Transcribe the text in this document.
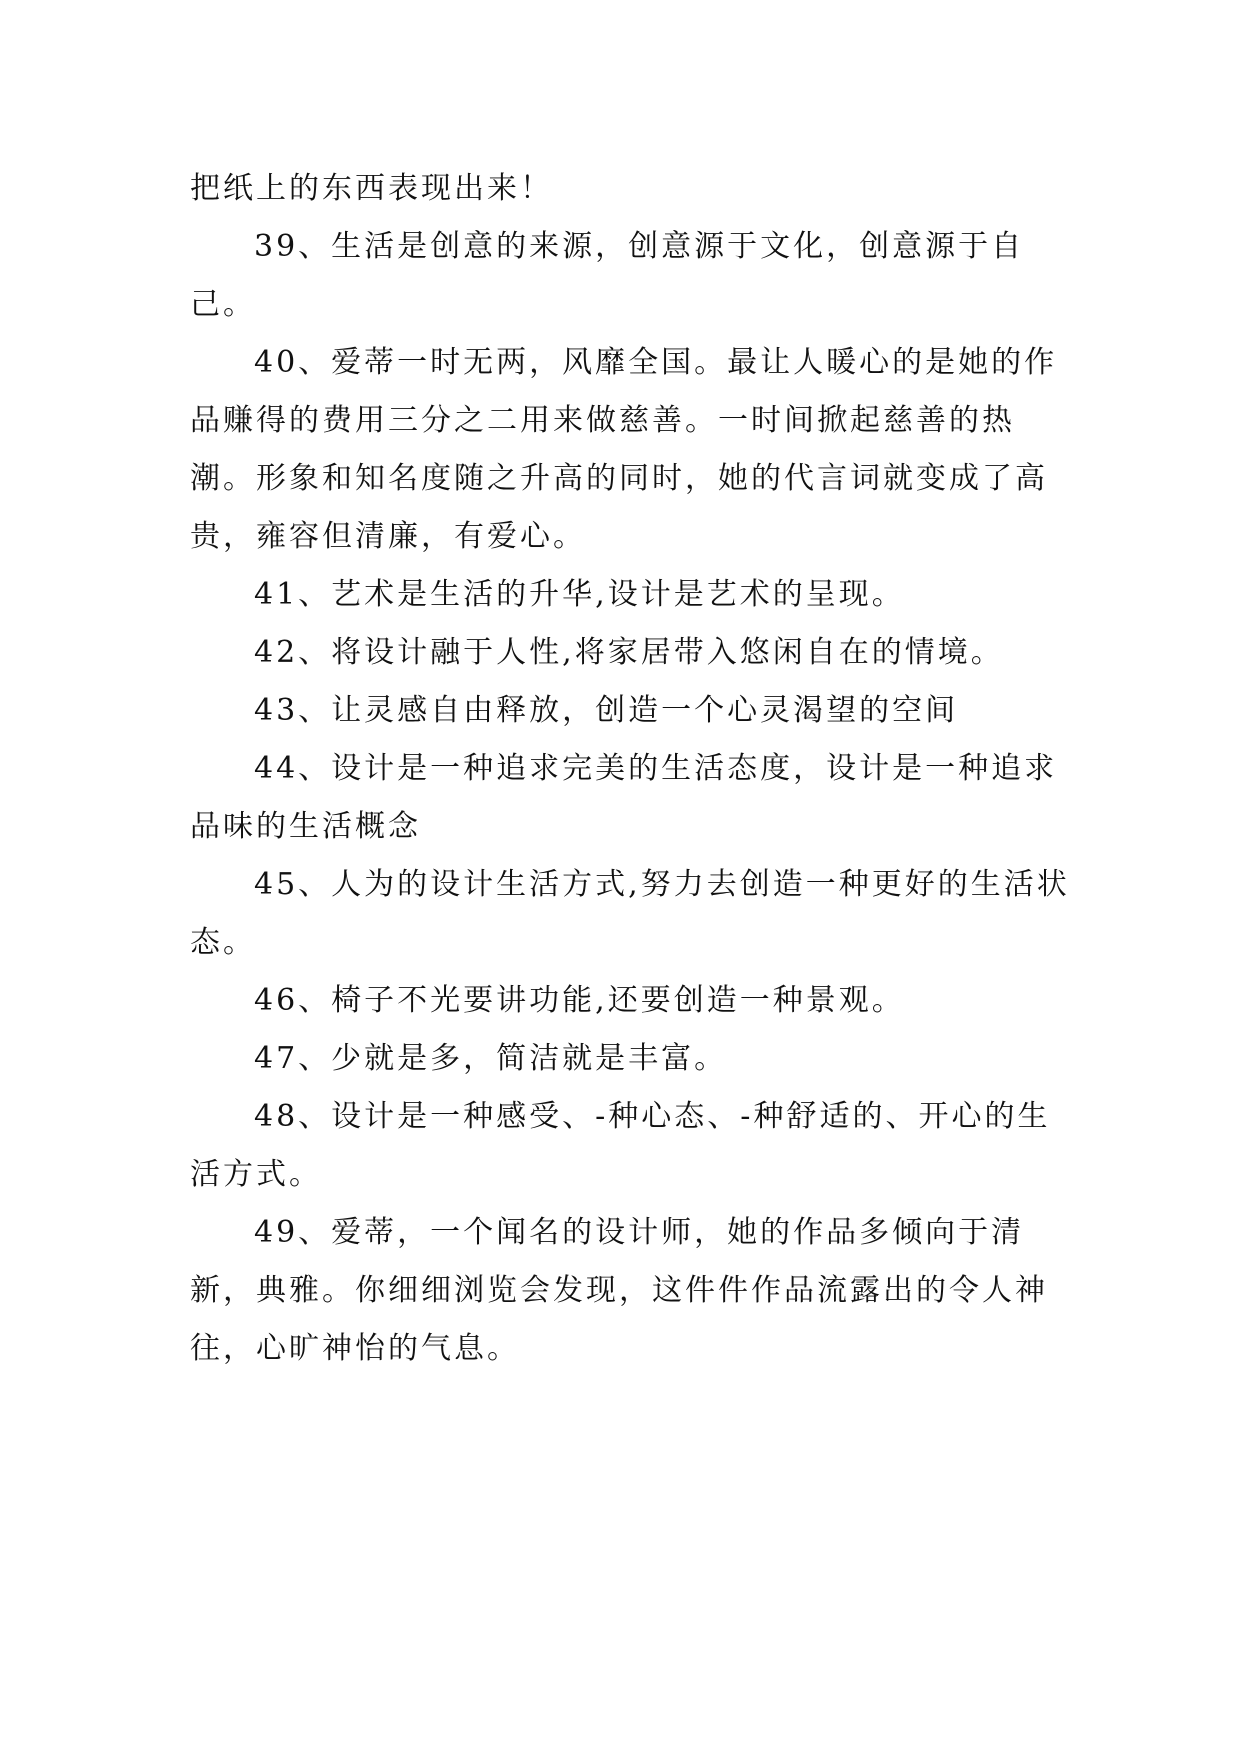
把纸上的东西表现出来！

39、生活是创意的来源，创意源于文化，创意源于自己。

40、爱蒂一时无两，风靡全国。最让人暖心的是她的作品赚得的费用三分之二用来做慈善。一时间掀起慈善的热潮。形象和知名度随之升高的同时，她的代言词就变成了高贵，雍容但清廉，有爱心。

41、艺术是生活的升华,设计是艺术的呈现。

42、将设计融于人性,将家居带入悠闲自在的情境。

43、让灵感自由释放，创造一个心灵渴望的空间

44、设计是一种追求完美的生活态度，设计是一种追求品味的生活概念

45、人为的设计生活方式,努力去创造一种更好的生活状态。

46、椅子不光要讲功能,还要创造一种景观。

47、少就是多，简洁就是丰富。

48、设计是一种感受、-种心态、-种舒适的、开心的生活方式。

49、爱蒂，一个闻名的设计师，她的作品多倾向于清新，典雅。你细细浏览会发现，这件件作品流露出的令人神往，心旷神怡的气息。
